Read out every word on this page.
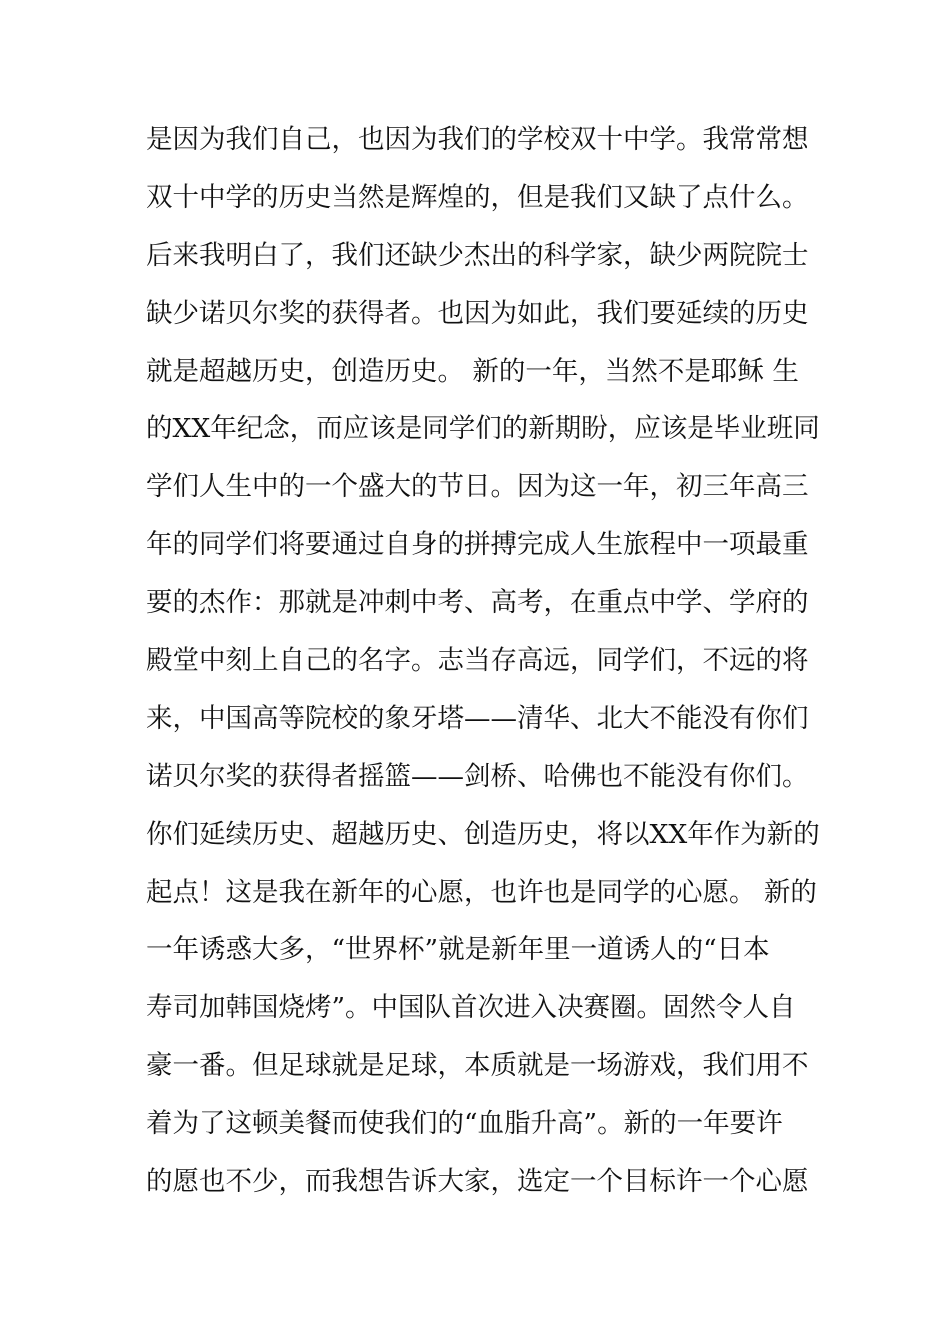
是因为我们自己，也因为我们的学校双十中学。我常常想
双十中学的历史当然是辉煌的，但是我们又缺了点什么。
后来我明白了，我们还缺少杰出的科学家，缺少两院院士
缺少诺贝尔奖的获得者。也因为如此，我们要延续的历史
就是超越历史，创造历史。 新的一年，当然不是耶稣 生
的XX年纪念，而应该是同学们的新期盼，应该是毕业班同
学们人生中的一个盛大的节日。因为这一年，初三年高三
年的同学们将要通过自身的拼搏完成人生旅程中一项最重
要的杰作：那就是冲刺中考、高考，在重点中学、学府的
殿堂中刻上自己的名字。志当存高远，同学们，不远的将
来，中国高等院校的象牙塔——清华、北大不能没有你们
诺贝尔奖的获得者摇篮——剑桥、哈佛也不能没有你们。
你们延续历史、超越历史、创造历史，将以XX年作为新的
起点！这是我在新年的心愿，也许也是同学的心愿。 新的
一年诱惑大多，“世界杯”就是新年里一道诱人的“日本
寿司加韩国烧烤”。中国队首次进入决赛圈。固然令人自
豪一番。但足球就是足球，本质就是一场游戏，我们用不
着为了这顿美餐而使我们的“血脂升高”。新的一年要许
的愿也不少，而我想告诉大家，选定一个目标许一个心愿
